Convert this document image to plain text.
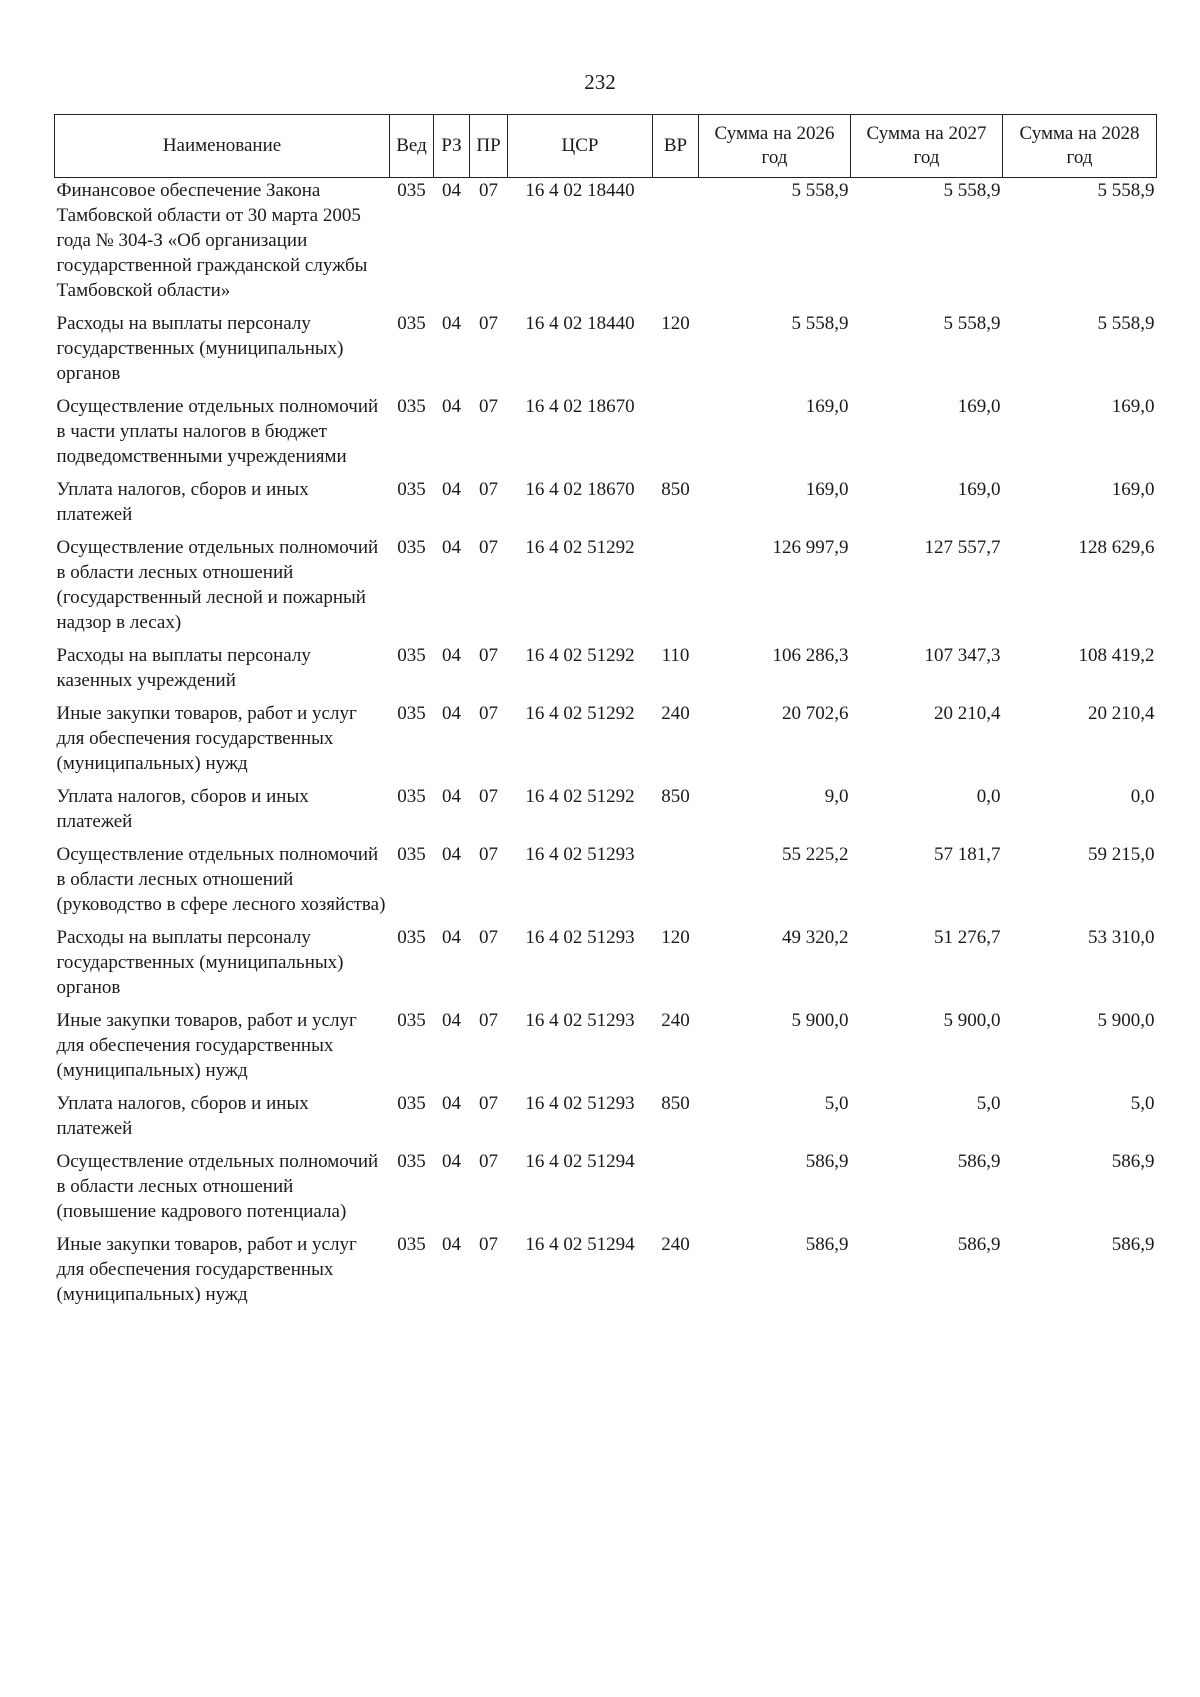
232
Наименование	Вед	РЗ	ПР	ЦСР	ВР	Сумма на 2026 год	Сумма на 2027 год	Сумма на 2028 год
Финансовое обеспечение Закона Тамбовской области от 30 марта 2005 года № 304-З «Об организации государственной гражданской службы Тамбовской области»	035	04	07	16 4 02 18440		5 558,9	5 558,9	5 558,9
Расходы на выплаты персоналу государственных (муниципальных) органов	035	04	07	16 4 02 18440	120	5 558,9	5 558,9	5 558,9
Осуществление отдельных полномочий в части уплаты налогов в бюджет подведомственными учреждениями	035	04	07	16 4 02 18670		169,0	169,0	169,0
Уплата налогов, сборов и иных платежей	035	04	07	16 4 02 18670	850	169,0	169,0	169,0
Осуществление отдельных полномочий в области лесных отношений (государственный лесной и пожарный надзор в лесах)	035	04	07	16 4 02 51292		126 997,9	127 557,7	128 629,6
Расходы на выплаты персоналу казенных учреждений	035	04	07	16 4 02 51292	110	106 286,3	107 347,3	108 419,2
Иные закупки товаров, работ и услуг для обеспечения государственных (муниципальных) нужд	035	04	07	16 4 02 51292	240	20 702,6	20 210,4	20 210,4
Уплата налогов, сборов и иных платежей	035	04	07	16 4 02 51292	850	9,0	0,0	0,0
Осуществление отдельных полномочий в области лесных отношений (руководство в сфере лесного хозяйства)	035	04	07	16 4 02 51293		55 225,2	57 181,7	59 215,0
Расходы на выплаты персоналу государственных (муниципальных) органов	035	04	07	16 4 02 51293	120	49 320,2	51 276,7	53 310,0
Иные закупки товаров, работ и услуг для обеспечения государственных (муниципальных) нужд	035	04	07	16 4 02 51293	240	5 900,0	5 900,0	5 900,0
Уплата налогов, сборов и иных платежей	035	04	07	16 4 02 51293	850	5,0	5,0	5,0
Осуществление отдельных полномочий в области лесных отношений (повышение кадрового потенциала)	035	04	07	16 4 02 51294		586,9	586,9	586,9
Иные закупки товаров, работ и услуг для обеспечения государственных (муниципальных) нужд	035	04	07	16 4 02 51294	240	586,9	586,9	586,9
